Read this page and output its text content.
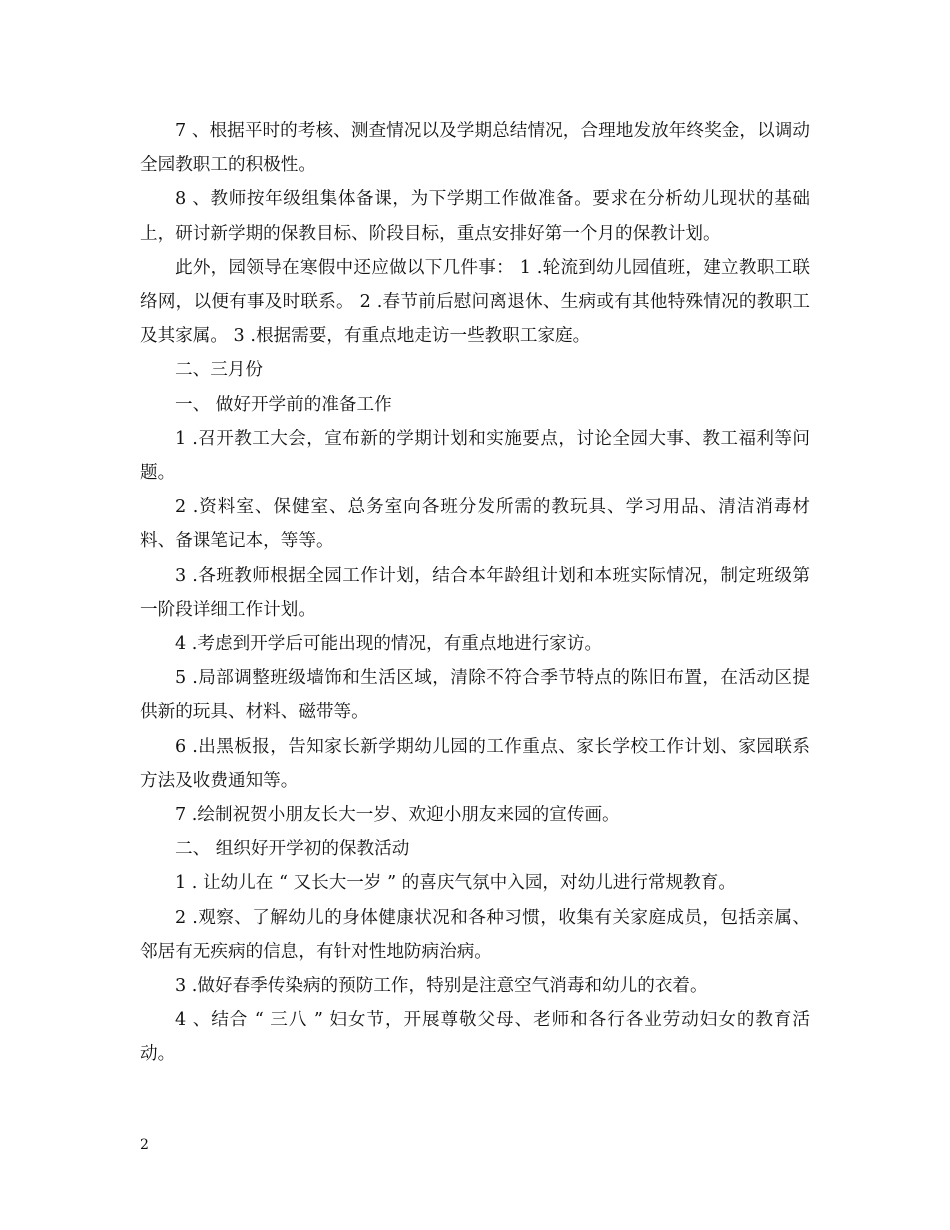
7 、根据平时的考核、测查情况以及学期总结情况，合理地发放年终奖金，以调动全园教职工的积极性。

8 、教师按年级组集体备课，为下学期工作做准备。要求在分析幼儿现状的基础上，研讨新学期的保教目标、阶段目标，重点安排好第一个月的保教计划。

此外，园领导在寒假中还应做以下几件事： 1 .轮流到幼儿园值班，建立教职工联络网，以便有事及时联系。 2 .春节前后慰问离退休、生病或有其他特殊情况的教职工及其家属。 3 .根据需要，有重点地走访一些教职工家庭。

二、三月份

一、 做好开学前的准备工作

1 .召开教工大会，宣布新的学期计划和实施要点，讨论全园大事、教工福利等问题。

2 .资料室、保健室、总务室向各班分发所需的教玩具、学习用品、清洁消毒材料、备课笔记本，等等。

3 .各班教师根据全园工作计划，结合本年龄组计划和本班实际情况，制定班级第一阶段详细工作计划。

4 .考虑到开学后可能出现的情况，有重点地进行家访。

5 .局部调整班级墙饰和生活区域，清除不符合季节特点的陈旧布置，在活动区提供新的玩具、材料、磁带等。

6 .出黑板报，告知家长新学期幼儿园的工作重点、家长学校工作计划、家园联系方法及收费通知等。

7 .绘制祝贺小朋友长大一岁、欢迎小朋友来园的宣传画。

二、 组织好开学初的保教活动

1 . 让幼儿在 “ 又长大一岁 ” 的喜庆气氛中入园，对幼儿进行常规教育。

2 .观察、了解幼儿的身体健康状况和各种习惯，收集有关家庭成员，包括亲属、邻居有无疾病的信息，有针对性地防病治病。

3 .做好春季传染病的预防工作，特别是注意空气消毒和幼儿的衣着。

4 、结合 “ 三八 ” 妇女节，开展尊敬父母、老师和各行各业劳动妇女的教育活动。

2
